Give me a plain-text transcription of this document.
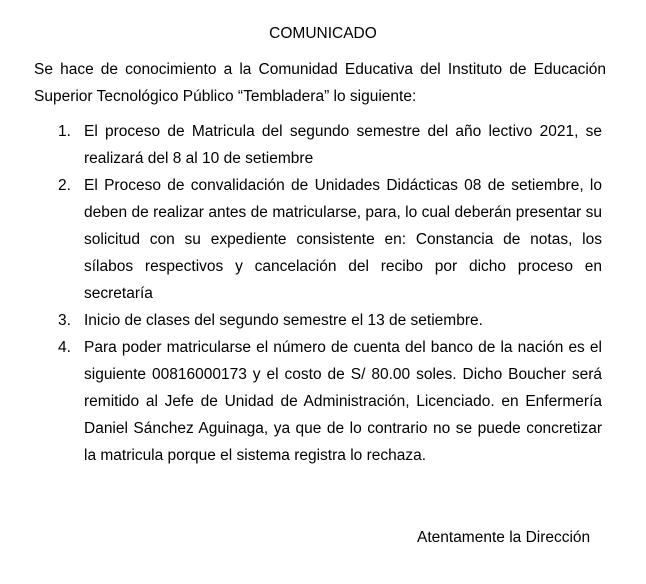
COMUNICADO
Se hace de conocimiento a la Comunidad Educativa del Instituto de Educación Superior Tecnológico Público “Tembladera” lo siguiente:
1. El proceso de Matricula del segundo semestre del año lectivo 2021, se realizará del 8 al 10 de setiembre
2. El Proceso de convalidación de Unidades Didácticas 08 de setiembre, lo deben de realizar antes de matricularse, para, lo cual deberán presentar su solicitud con su expediente consistente en: Constancia de notas, los sílabos respectivos y cancelación del recibo por dicho proceso en secretaría
3. Inicio de clases del segundo semestre el 13 de setiembre.
4. Para poder matricularse el número de cuenta del banco de la nación es el siguiente 00816000173 y el costo de S/ 80.00 soles. Dicho Boucher será remitido al Jefe de Unidad de Administración, Licenciado. en Enfermería Daniel Sánchez Aguinaga, ya que de lo contrario no se puede concretizar la matricula porque el sistema registra lo rechaza.
Atentamente la Dirección
